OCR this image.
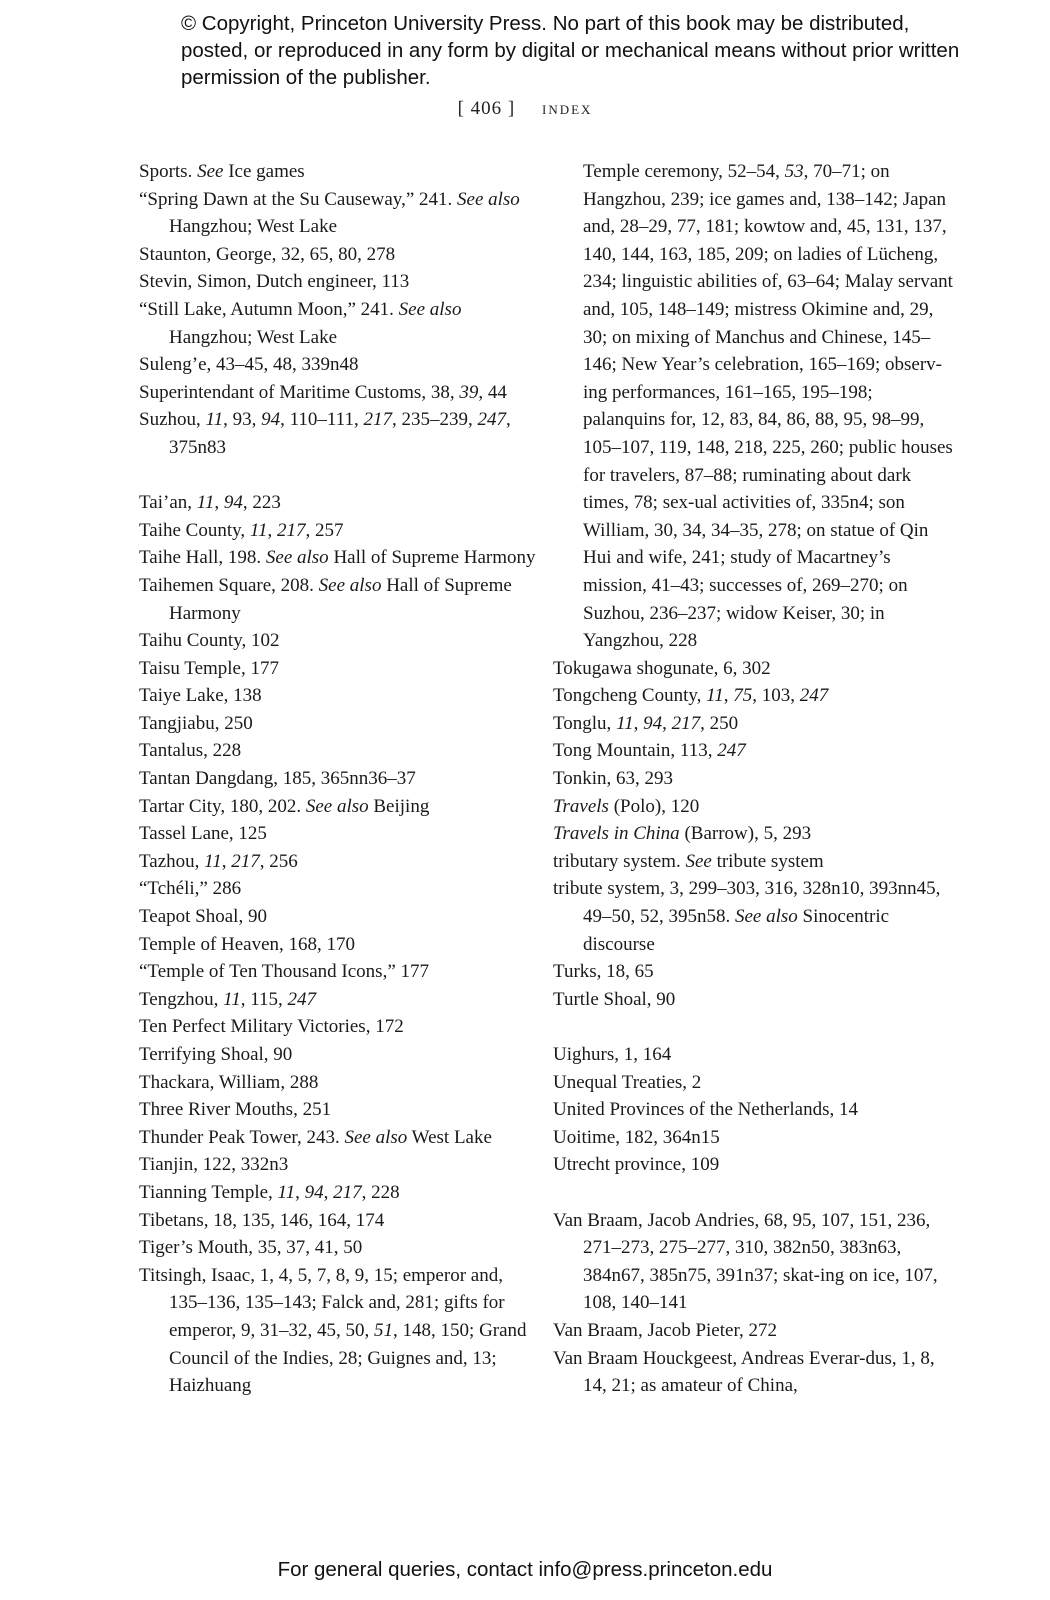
© Copyright, Princeton University Press. No part of this book may be distributed, posted, or reproduced in any form by digital or mechanical means without prior written permission of the publisher.
[ 406 ] index
Sports. See Ice games
“Spring Dawn at the Su Causeway,” 241. See also Hangzhou; West Lake
Staunton, George, 32, 65, 80, 278
Stevin, Simon, Dutch engineer, 113
“Still Lake, Autumn Moon,” 241. See also Hangzhou; West Lake
Suleng’e, 43–45, 48, 339n48
Superintendant of Maritime Customs, 38, 39, 44
Suzhou, 11, 93, 94, 110–111, 217, 235–239, 247, 375n83
Tai’an, 11, 94, 223
Taihe County, 11, 217, 257
Taihe Hall, 198. See also Hall of Supreme Harmony
Taihemen Square, 208. See also Hall of Supreme Harmony
Taihu County, 102
Taisu Temple, 177
Taiye Lake, 138
Tangjiabu, 250
Tantalus, 228
Tantan Dangdang, 185, 365nn36–37
Tartar City, 180, 202. See also Beijing
Tassel Lane, 125
Tazhou, 11, 217, 256
“Tchéli,” 286
Teapot Shoal, 90
Temple of Heaven, 168, 170
“Temple of Ten Thousand Icons,” 177
Tengzhou, 11, 115, 247
Ten Perfect Military Victories, 172
Terrifying Shoal, 90
Thackara, William, 288
Three River Mouths, 251
Thunder Peak Tower, 243. See also West Lake
Tianjin, 122, 332n3
Tianning Temple, 11, 94, 217, 228
Tibetans, 18, 135, 146, 164, 174
Tiger’s Mouth, 35, 37, 41, 50
Titsingh, Isaac, 1, 4, 5, 7, 8, 9, 15; emperor and, 135–136, 135–143; Falck and, 281; gifts for emperor, 9, 31–32, 45, 50, 51, 148, 150; Grand Council of the Indies, 28; Guignes and, 13; Haizhuang
Temple ceremony, 52–54, 53, 70–71; on Hangzhou, 239; ice games and, 138–142; Japan and, 28–29, 77, 181; kowtow and, 45, 131, 137, 140, 144, 163, 185, 209; on ladies of Lücheng, 234; linguistic abilities of, 63–64; Malay servant and, 105, 148–149; mistress Okimine and, 29, 30; on mixing of Manchus and Chinese, 145–146; New Year’s celebration, 165–169; observ-ing performances, 161–165, 195–198; palanquins for, 12, 83, 84, 86, 88, 95, 98–99, 105–107, 119, 148, 218, 225, 260; public houses for travelers, 87–88; ruminating about dark times, 78; sex-ual activities of, 335n4; son William, 30, 34, 34–35, 278; on statue of Qin Hui and wife, 241; study of Macartney’s mission, 41–43; successes of, 269–270; on Suzhou, 236–237; widow Keiser, 30; in Yangzhou, 228
Tokugawa shogunate, 6, 302
Tongcheng County, 11, 75, 103, 247
Tonglu, 11, 94, 217, 250
Tong Mountain, 113, 247
Tonkin, 63, 293
Travels (Polo), 120
Travels in China (Barrow), 5, 293
tributary system. See tribute system
tribute system, 3, 299–303, 316, 328n10, 393nn45, 49–50, 52, 395n58. See also Sinocentric discourse
Turks, 18, 65
Turtle Shoal, 90
Uighurs, 1, 164
Unequal Treaties, 2
United Provinces of the Netherlands, 14
Uoitime, 182, 364n15
Utrecht province, 109
Van Braam, Jacob Andries, 68, 95, 107, 151, 236, 271–273, 275–277, 310, 382n50, 383n63, 384n67, 385n75, 391n37; skat-ing on ice, 107, 108, 140–141
Van Braam, Jacob Pieter, 272
Van Braam Houckgeest, Andreas Everar-dus, 1, 8, 14, 21; as amateur of China,
For general queries, contact info@press.princeton.edu
